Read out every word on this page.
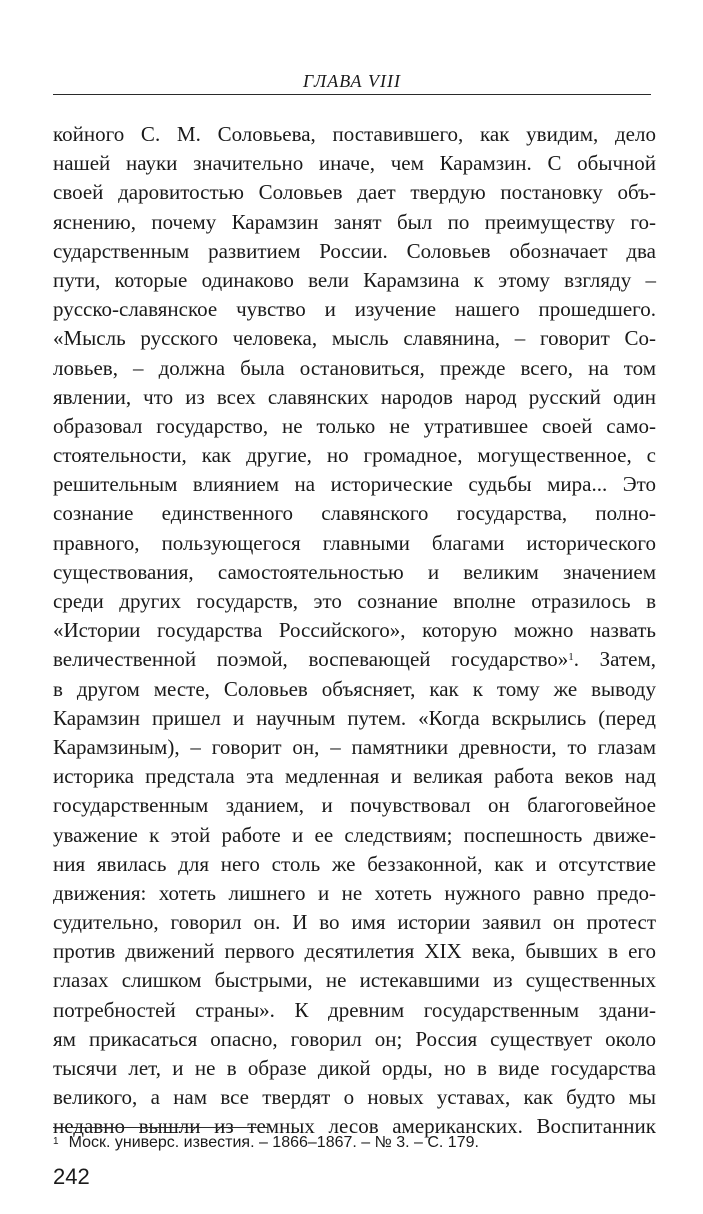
ГЛАВА VIII
койного С. М. Соловьева, поставившего, как увидим, дело
нашей науки значительно иначе, чем Карамзин. С обычной
своей даровитостью Соловьев дает твердую постановку объ-
яснению, почему Карамзин занят был по преимуществу го-
сударственным развитием России. Соловьев обозначает два
пути, которые одинаково вели Карамзина к этому взгляду –
русско-славянское чувство и изучение нашего прошедшего.
«Мысль русского человека, мысль славянина, – говорит Со-
ловьев, – должна была остановиться, прежде всего, на том
явлении, что из всех славянских народов народ русский один
образовал государство, не только не утратившее своей само-
стоятельности, как другие, но громадное, могущественное, с
решительным влиянием на исторические судьбы мира... Это
сознание единственного славянского государства, полно-
правного, пользующегося главными благами исторического
существования, самостоятельностью и великим значением
среди других государств, это сознание вполне отразилось в
«Истории государства Российского», которую можно назвать
величественной поэмой, воспевающей государство»$^1$. Затем,
в другом месте, Соловьев объясняет, как к тому же выводу
Карамзин пришел и научным путем. «Когда вскрылись (перед
Карамзиным), – говорит он, – памятники древности, то глазам
историка предстала эта медленная и великая работа веков над
государственным зданием, и почувствовал он благоговейное
уважение к этой работе и ее следствиям; поспешность движе-
ния явилась для него столь же беззаконной, как и отсутствие
движения: хотеть лишнего и не хотеть нужного равно предо-
судительно, говорил он. И во имя истории заявил он протест
против движений первого десятилетия XIX века, бывших в его
глазах слишком быстрыми, не истекавшими из существенных
потребностей страны». К древним государственным здани-
ям прикасаться опасно, говорил он; Россия существует около
тысячи лет, и не в образе дикой орды, но в виде государства
великого, а нам все твердят о новых уставах, как будто мы
недавно вышли из темных лесов американских. Воспитанник
$^1$ Моск. универс. известия. – 1866–1867. – № 3. – С. 179.
242
